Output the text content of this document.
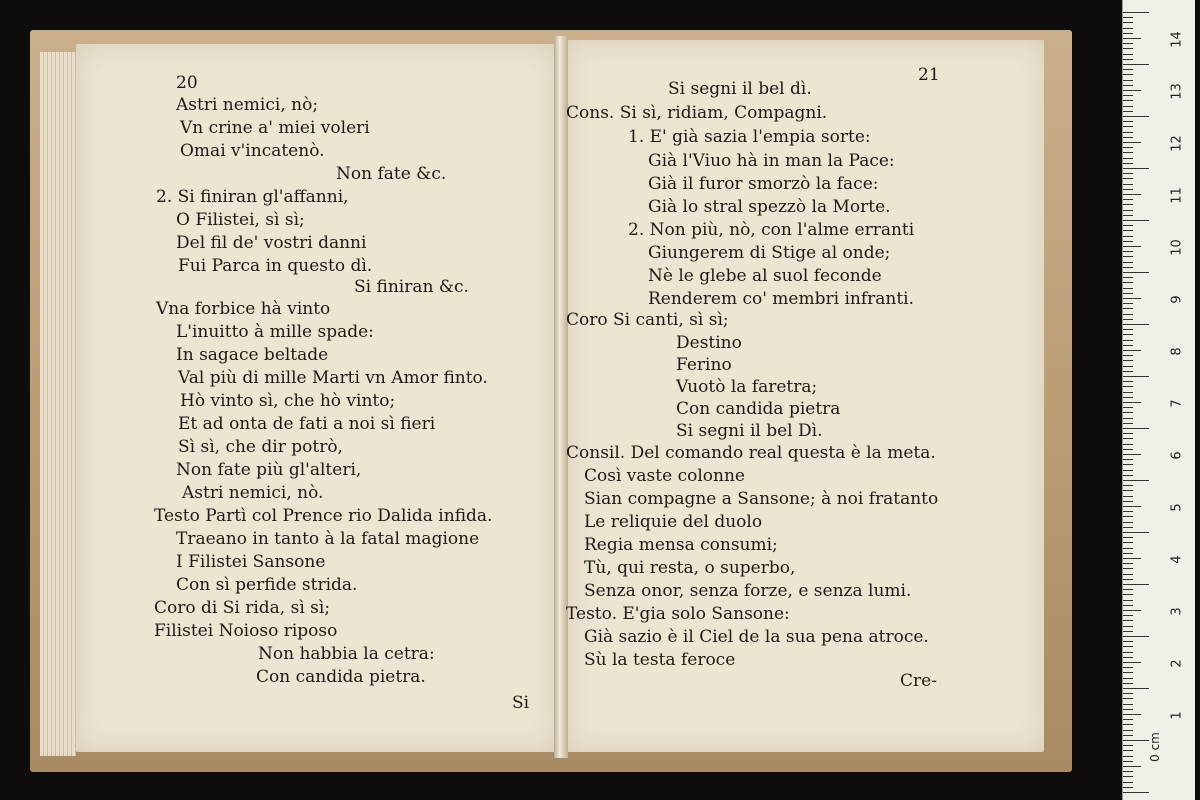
20
Astri nemici, nò;
Vn crine a' miei voleri
Omai v'incatenò.
Non fate &c.
2. Si finiran gl'affanni,
O Filistei, sì sì;
Del fil de' vostri danni
Fui Parca in questo dì.
Si finiran &c.
Vna forbice hà vinto
L'inuitto à mille spade:
In sagace beltade
Val più di mille Marti vn Amor finto.
Hò vinto sì, che hò vinto;
Et ad onta de fati a noi sì fieri
Sì sì, che dir potrò,
Non fate più gl'alteri,
Astri nemici, nò.
Testo Partì col Prence rio Dalida infida.
Traeano in tanto à la fatal magione
I Filistei Sansone
Con sì perfide strida.
Coro di Si rida, sì sì;
Filistei Noioso riposo
Non habbia la cetra:
Con candida pietra.
Si
21
Si segni il bel dì.
Cons. Si sì, ridiam, Compagni.
1. E' già sazia l'empia sorte:
Già l'Viuo hà in man la Pace:
Già il furor smorzò la face:
Già lo stral spezzò la Morte.
2. Non più, nò, con l'alme erranti
Giungerem di Stige al onde;
Nè le glebe al suol feconde
Renderem co' membri infranti.
Coro Si canti, sì sì;
Destino
Ferino
Vuotò la faretra;
Con candida pietra
Si segni il bel Dì.
Consil. Del comando real questa è la meta.
Così vaste colonne
Sian compagne a Sansone; à noi fratanto
Le reliquie del duolo
Regia mensa consumi;
Tù, qui resta, o superbo,
Senza onor, senza forze, e senza lumi.
Testo. E'gia solo Sansone:
Già sazio è il Ciel de la sua pena atroce.
Sù la testa feroce
Cre-
14
13
12
11
10
9
8
7
6
5
4
3
2
1
0 cm
